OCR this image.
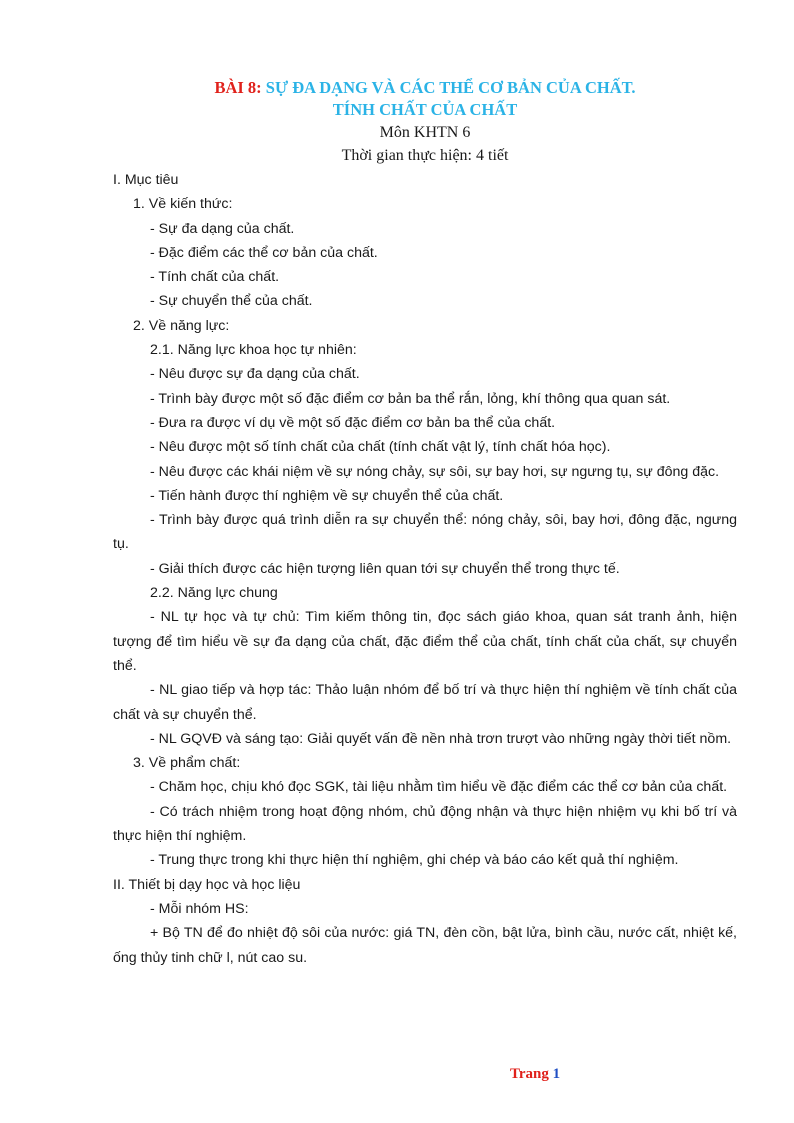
BÀI 8: SỰ ĐA DẠNG VÀ CÁC THỂ CƠ BẢN CỦA CHẤT.
TÍNH CHẤT CỦA CHẤT
Môn KHTN 6
Thời gian thực hiện: 4 tiết

I. Mục tiêu

1. Về kiến thức:

- Sự đa dạng của chất.

- Đặc điểm các thể cơ bản của chất.

- Tính chất của chất.

- Sự chuyển thể của chất.

2. Về năng lực:

2.1. Năng lực khoa học tự nhiên:

- Nêu được sự đa dạng của chất.

- Trình bày được một số đặc điểm cơ bản ba thể rắn, lỏng, khí thông qua quan sát.

- Đưa ra được ví dụ về một số đặc điểm cơ bản ba thể của chất.

- Nêu được một số tính chất của chất (tính chất vật lý, tính chất hóa học).

- Nêu được các khái niệm về sự nóng chảy, sự sôi, sự bay hơi, sự ngưng tụ, sự đông đặc.

- Tiến hành được thí nghiệm về sự chuyển thể của chất.

- Trình bày được quá trình diễn ra sự chuyển thể: nóng chảy, sôi, bay hơi, đông đặc, ngưng tụ.

- Giải thích được các hiện tượng liên quan tới sự chuyển thể trong thực tế.

2.2. Năng lực chung

- NL tự học và tự chủ: Tìm kiếm thông tin, đọc sách giáo khoa, quan sát tranh ảnh, hiện tượng để tìm hiểu về sự đa dạng của chất, đặc điểm thể của chất, tính chất của chất, sự chuyển thể.

- NL giao tiếp và hợp tác: Thảo luận nhóm để bố trí và thực hiện thí nghiệm về tính chất của chất và sự chuyển thể.

- NL GQVĐ và sáng tạo: Giải quyết vấn đề nền nhà trơn trượt vào những ngày thời tiết nồm.

3. Về phẩm chất:

- Chăm học, chịu khó đọc SGK, tài liệu nhằm tìm hiểu về đặc điểm các thể cơ bản của chất.

- Có trách nhiệm trong hoạt động nhóm, chủ động nhận và thực hiện nhiệm vụ khi bố trí và thực hiện thí nghiệm.

- Trung thực trong khi thực hiện thí nghiệm, ghi chép và báo cáo kết quả thí nghiệm.

II. Thiết bị dạy học và học liệu

- Mỗi nhóm HS:

+ Bộ TN để đo nhiệt độ sôi của nước: giá TN, đèn cồn, bật lửa, bình cầu, nước cất, nhiệt kế, ống thủy tinh chữ l, nút cao su.

Trang 1
